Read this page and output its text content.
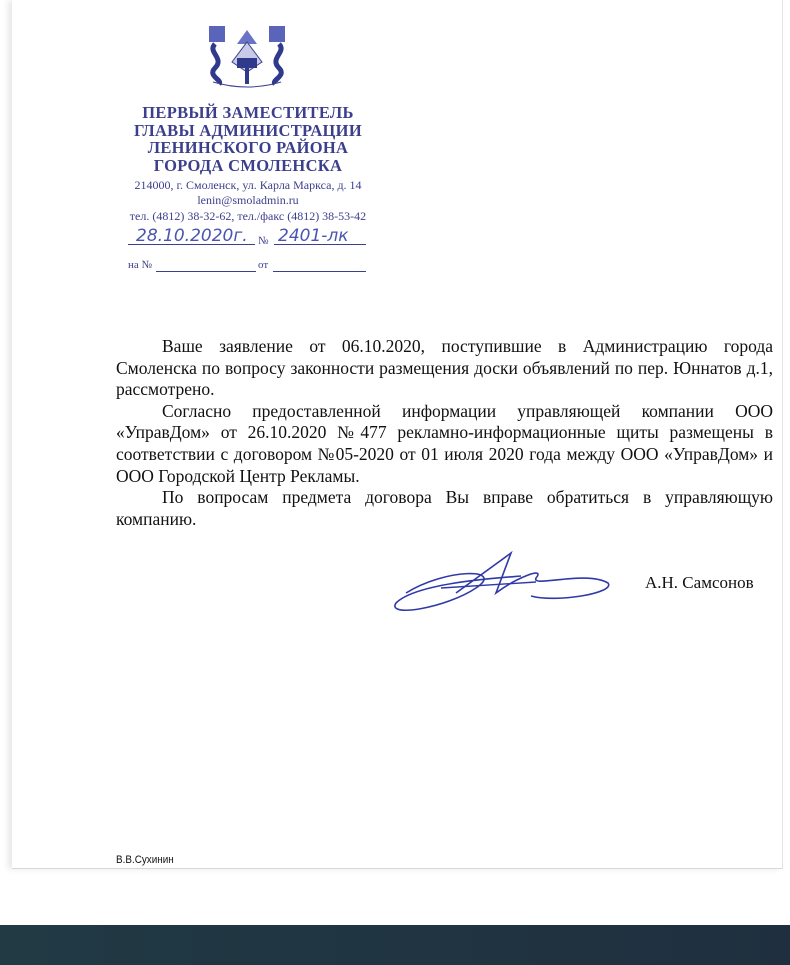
ПЕРВЫЙ ЗАМЕСТИТЕЛЬ
ГЛАВЫ АДМИНИСТРАЦИИ
ЛЕНИНСКОГО РАЙОНА
ГОРОДА СМОЛЕНСКА
214000, г. Смоленск, ул. Карла Маркса, д. 14
lenin@smoladmin.ru
тел. (4812) 38-32-62, тел./факс (4812) 38-53-42
28.10.2020г. № 2401-лк
на №	от

Ваше заявление от 06.10.2020, поступившие в Администрацию города Смоленска по вопросу законности размещения доски объявлений по пер. Юннатов д.1, рассмотрено.

Согласно предоставленной информации управляющей компании ООО «УправДом» от 26.10.2020 №477 рекламно-информационные щиты размещены в соответствии с договором №05-2020 от 01 июля 2020 года между ООО «УправДом» и ООО Городской Центр Рекламы.

По вопросам предмета договора Вы вправе обратиться в управляющую компанию.

А.Н. Самсонов
В.В.Сухинин
